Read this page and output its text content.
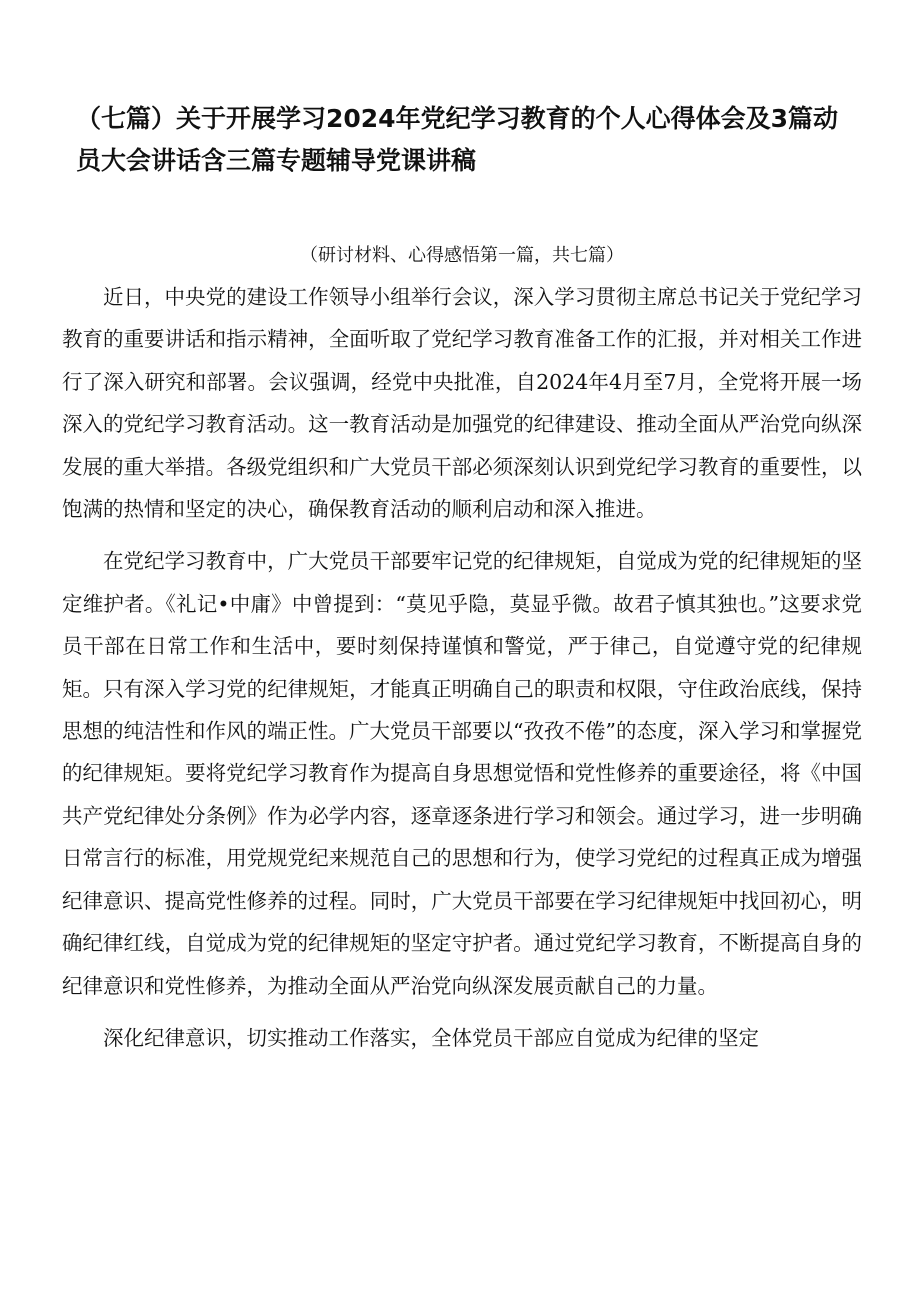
（七篇）关于开展学习2024年党纪学习教育的个人心得体会及3篇动员大会讲话含三篇专题辅导党课讲稿

（研讨材料、心得感悟第一篇，共七篇）

近日，中央党的建设工作领导小组举行会议，深入学习贯彻主席总书记关于党纪学习教育的重要讲话和指示精神，全面听取了党纪学习教育准备工作的汇报，并对相关工作进行了深入研究和部署。会议强调，经党中央批准，自2024年4月至7月，全党将开展一场深入的党纪学习教育活动。这一教育活动是加强党的纪律建设、推动全面从严治党向纵深发展的重大举措。各级党组织和广大党员干部必须深刻认识到党纪学习教育的重要性，以饱满的热情和坚定的决心，确保教育活动的顺利启动和深入推进。

在党纪学习教育中，广大党员干部要牢记党的纪律规矩，自觉成为党的纪律规矩的坚定维护者。《礼记•中庸》中曾提到：“莫见乎隐，莫显乎微。故君子慎其独也。”这要求党员干部在日常工作和生活中，要时刻保持谨慎和警觉，严于律己，自觉遵守党的纪律规矩。只有深入学习党的纪律规矩，才能真正明确自己的职责和权限，守住政治底线，保持思想的纯洁性和作风的端正性。广大党员干部要以“孜孜不倦”的态度，深入学习和掌握党的纪律规矩。要将党纪学习教育作为提高自身思想觉悟和党性修养的重要途径，将《中国共产党纪律处分条例》作为必学内容，逐章逐条进行学习和领会。通过学习，进一步明确日常言行的标准，用党规党纪来规范自己的思想和行为，使学习党纪的过程真正成为增强纪律意识、提高党性修养的过程。同时，广大党员干部要在学习纪律规矩中找回初心，明确纪律红线，自觉成为党的纪律规矩的坚定守护者。通过党纪学习教育，不断提高自身的纪律意识和党性修养，为推动全面从严治党向纵深发展贡献自己的力量。

深化纪律意识，切实推动工作落实，全体党员干部应自觉成为纪律的坚定
